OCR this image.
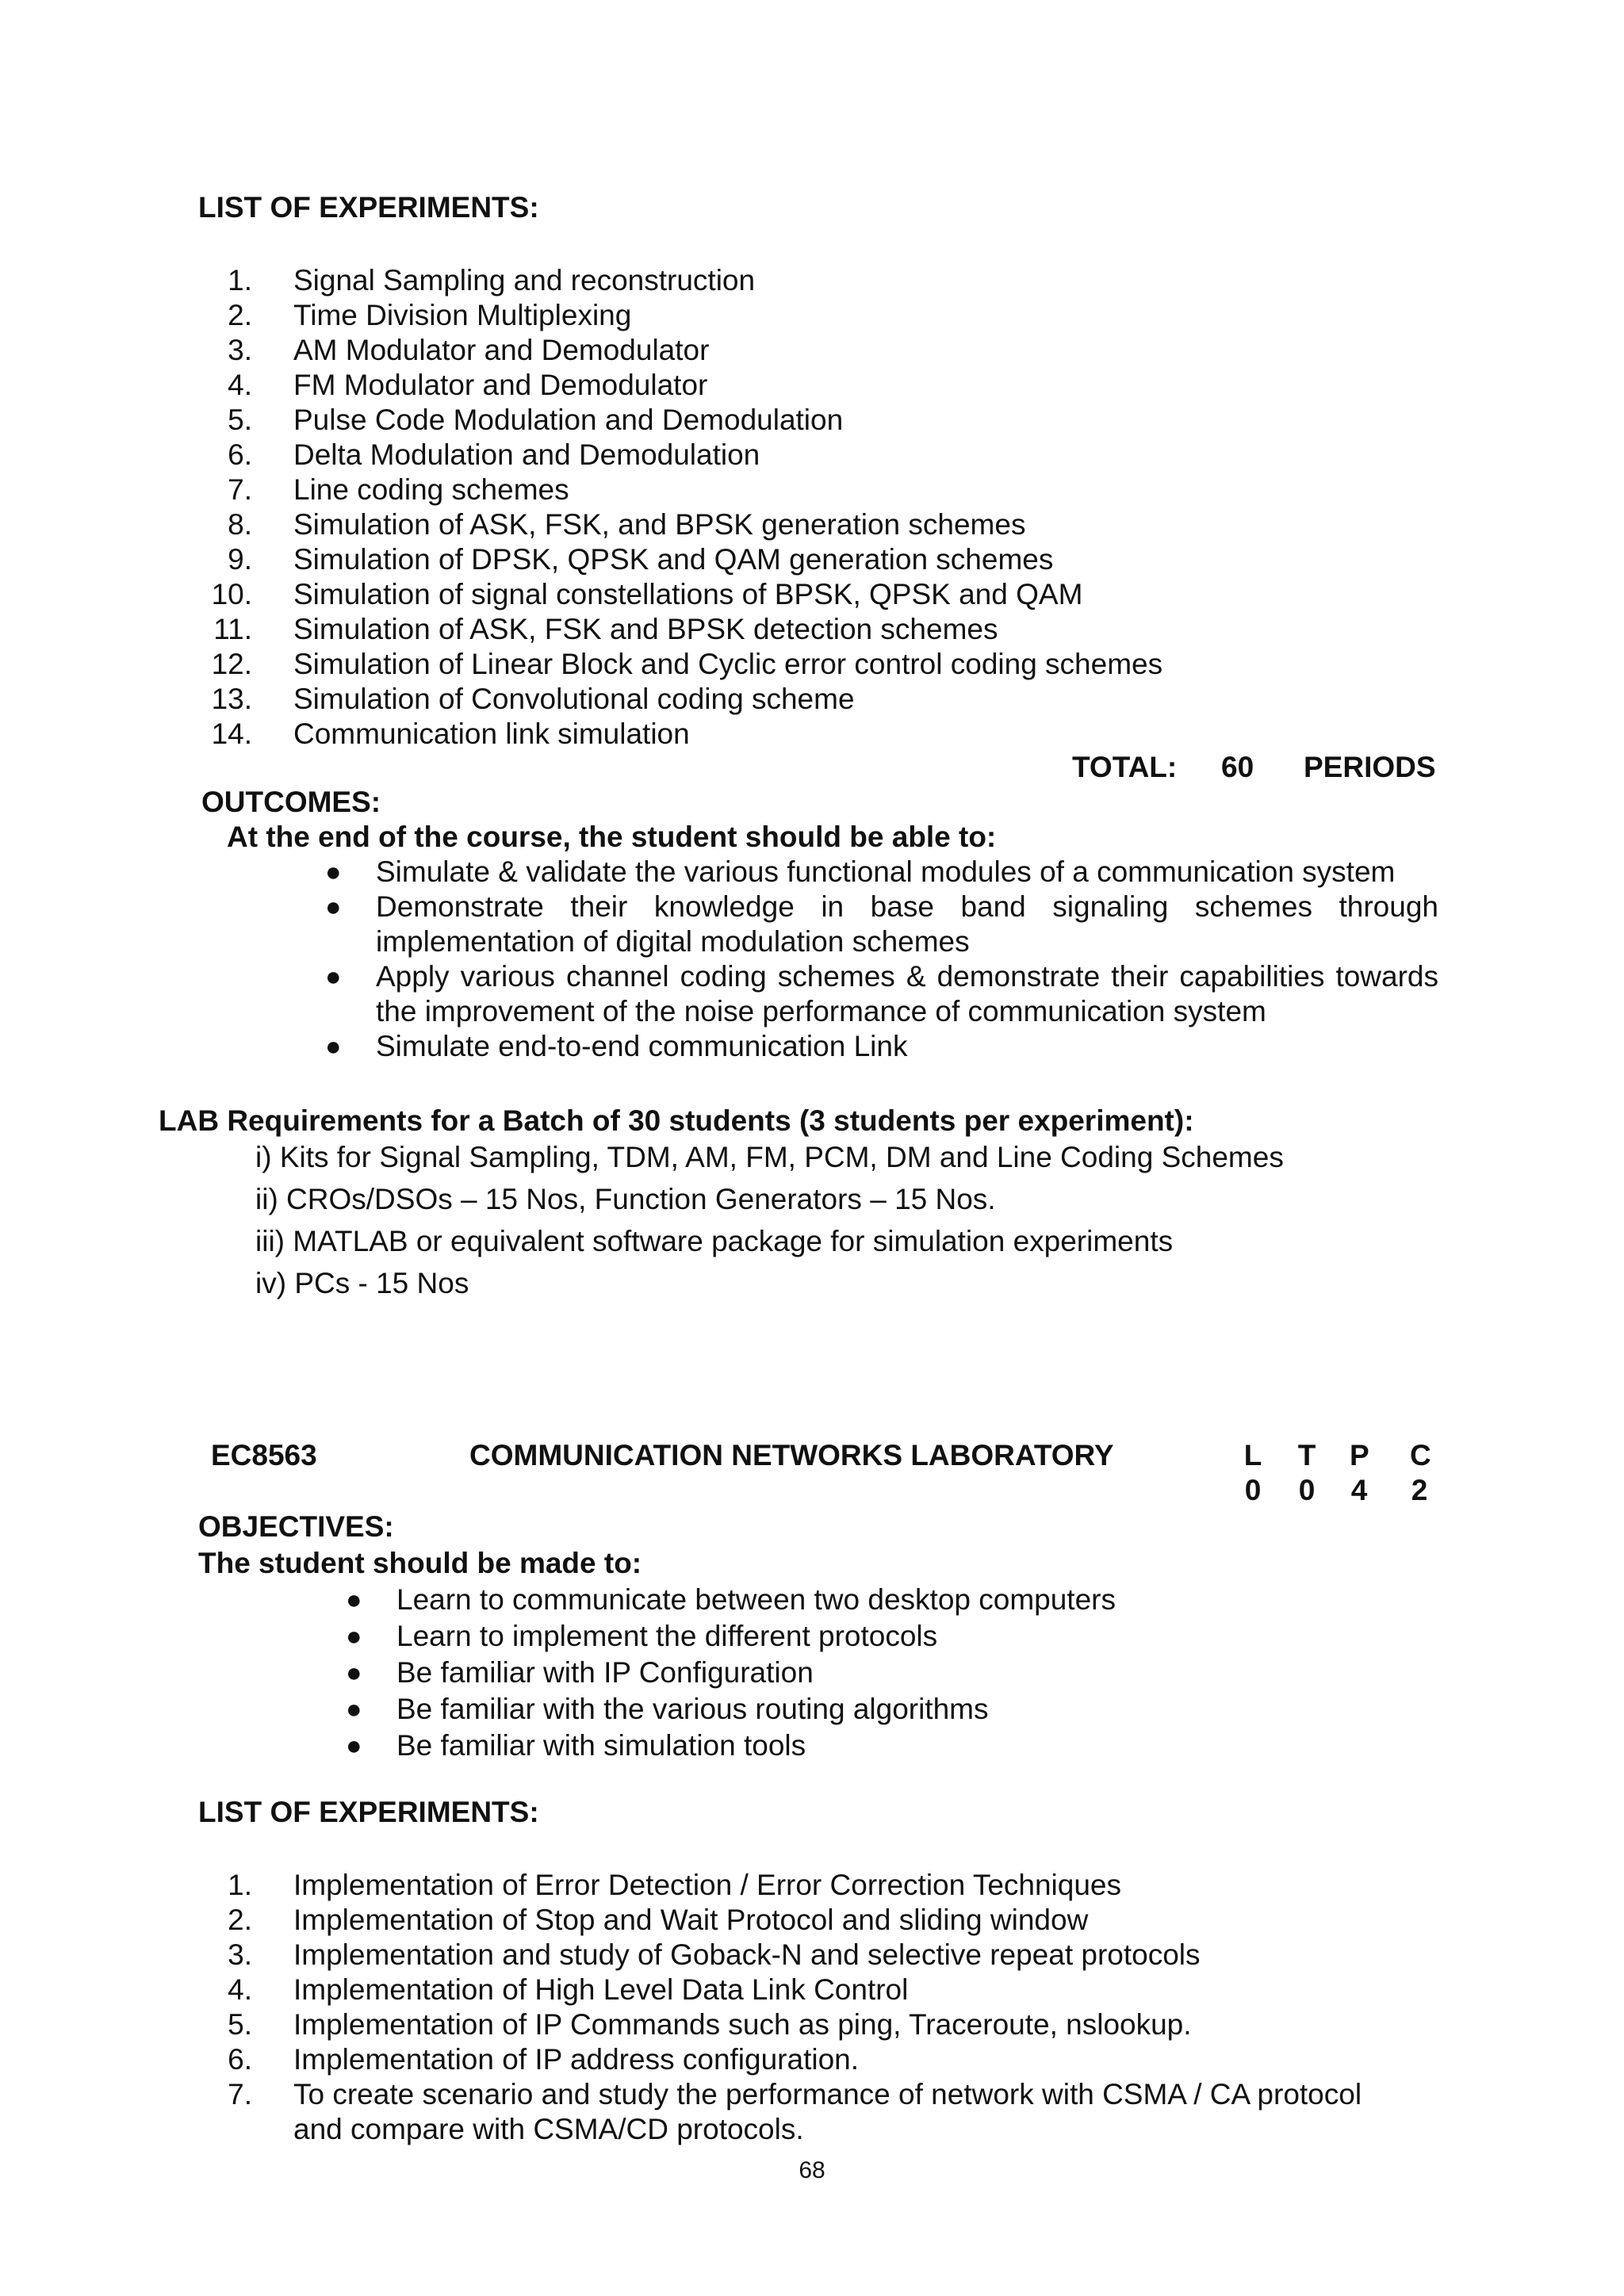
LIST OF EXPERIMENTS:
1. Signal Sampling and reconstruction
2. Time Division Multiplexing
3. AM Modulator and Demodulator
4. FM Modulator and Demodulator
5. Pulse Code Modulation and Demodulation
6. Delta Modulation and Demodulation
7. Line coding schemes
8. Simulation of ASK, FSK, and BPSK generation schemes
9. Simulation of DPSK, QPSK and QAM generation schemes
10. Simulation of signal constellations of BPSK, QPSK and QAM
11. Simulation of ASK, FSK and BPSK detection schemes
12. Simulation of Linear Block and Cyclic error control coding schemes
13. Simulation of Convolutional coding scheme
14. Communication link simulation
TOTAL: 60 PERIODS
OUTCOMES:
At the end of the course, the student should be able to:
● Simulate & validate the various functional modules of a communication system
● Demonstrate their knowledge in base band signaling schemes through implementation of digital modulation schemes
● Apply various channel coding schemes & demonstrate their capabilities towards the improvement of the noise performance of communication system
● Simulate end-to-end communication Link
LAB Requirements for a Batch of 30 students (3 students per experiment):
i) Kits for Signal Sampling, TDM, AM, FM, PCM, DM and Line Coding Schemes
ii) CROs/DSOs – 15 Nos, Function Generators – 15 Nos.
iii) MATLAB or equivalent software package for simulation experiments
iv) PCs - 15 Nos
EC8563	COMMUNICATION NETWORKS LABORATORY	L T P C
0 0 4 2
OBJECTIVES:
The student should be made to:
● Learn to communicate between two desktop computers
● Learn to implement the different protocols
● Be familiar with IP Configuration
● Be familiar with the various routing algorithms
● Be familiar with simulation tools
LIST OF EXPERIMENTS:
1. Implementation of Error Detection / Error Correction Techniques
2. Implementation of Stop and Wait Protocol and sliding window
3. Implementation and study of Goback-N and selective repeat protocols
4. Implementation of High Level Data Link Control
5. Implementation of IP Commands such as ping, Traceroute, nslookup.
6. Implementation of IP address configuration.
7. To create scenario and study the performance of network with CSMA / CA protocol
and compare with CSMA/CD protocols.
68
